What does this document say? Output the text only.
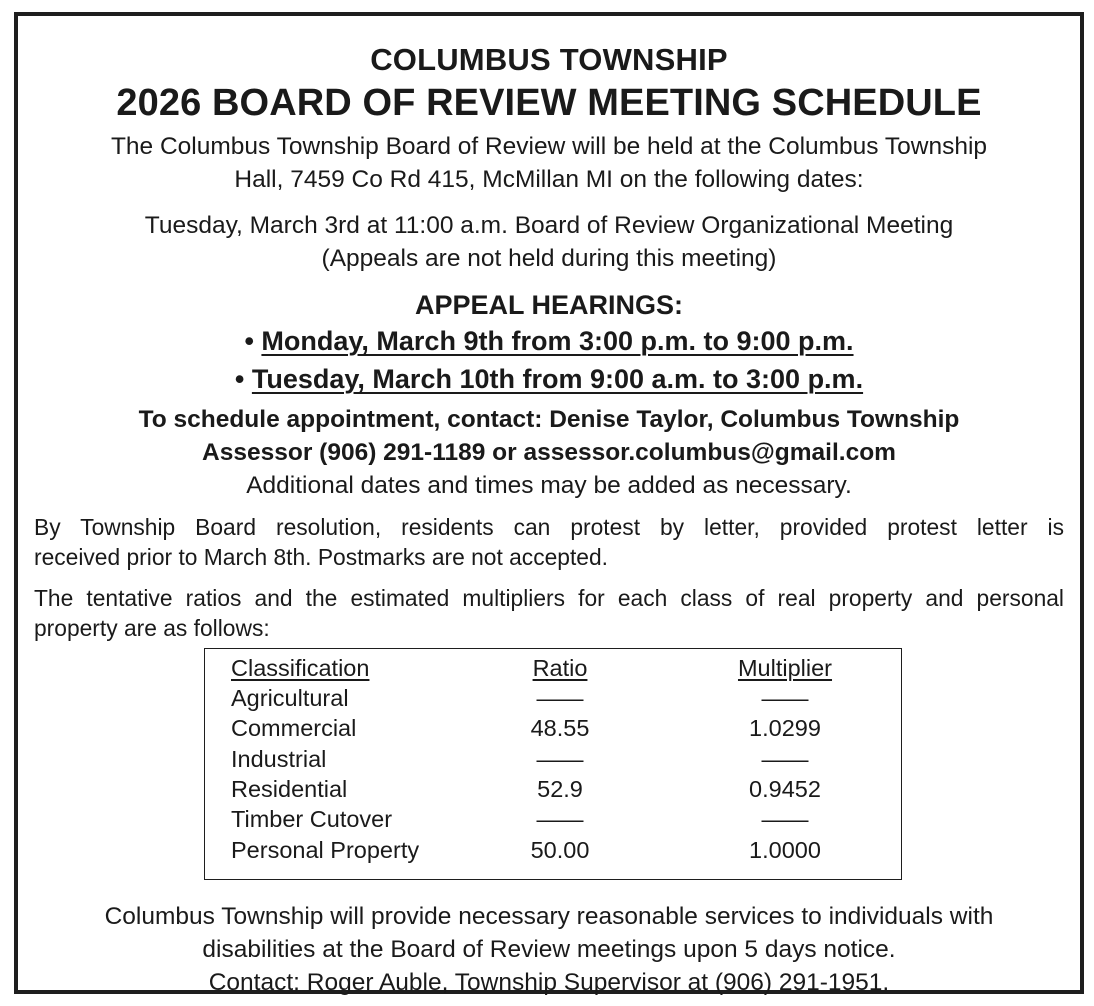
COLUMBUS TOWNSHIP
2026 BOARD OF REVIEW MEETING SCHEDULE
The Columbus Township Board of Review will be held at the Columbus Township
Hall, 7459 Co Rd 415, McMillan MI on the following dates:
Tuesday, March 3rd at 11:00 a.m. Board of Review Organizational Meeting
(Appeals are not held during this meeting)
APPEAL HEARINGS:
• Monday, March 9th from 3:00 p.m. to 9:00 p.m.
• Tuesday, March 10th from 9:00 a.m. to 3:00 p.m.
To schedule appointment, contact: Denise Taylor, Columbus Township
Assessor (906) 291-1189 or assessor.columbus@gmail.com
Additional dates and times may be added as necessary.
By Township Board resolution, residents can protest by letter, provided protest letter is
received prior to March 8th. Postmarks are not accepted.
The tentative ratios and the estimated multipliers for each class of real property and personal
property are as follows:
Classification	Ratio	Multiplier
Agricultural	——	——
Commercial	48.55	1.0299
Industrial	——	——
Residential	52.9	0.9452
Timber Cutover	——	——
Personal Property	50.00	1.0000
Columbus Township will provide necessary reasonable services to individuals with
disabilities at the Board of Review meetings upon 5 days notice.
Contact: Roger Auble, Township Supervisor at (906) 291-1951.
